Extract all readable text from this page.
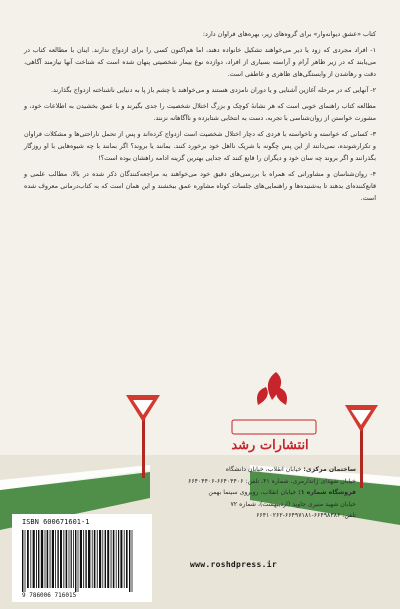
کتاب «عشق دیوانه‌وار» برای گروه‌های زیر، بهره‌های فراوان دارد:

۱- افراد مجردی که زود یا دیر می‌خواهند تشکیل خانواده دهند، اما هم‌اکنون کسی را برای ازدواج ندارند. اینان با مطالعه کتاب در می‌یابند که در زیر ظاهر آرام و آراسته بسیاری از افراد، دوازده نوع بیمار شخصیتی پنهان شده است که شناخت آنها نیازمند آگاهی، دقت و رهاشدن از وابستگی‌های ظاهری و عاطفی است.

۲- آنهایی که در مرحله آغازین آشنایی و یا دوران نامزدی هستند و می‌خواهند با چشم باز پا به دنیایی ناشناخته ازدواج بگذارند.

مطالعه کتاب راهنمای خوبی است که هر نشانهٔ کوچک و بزرگ اختلال شخصیت را جدی بگیرند و با عمق بخشیدن به اطلاعات خود، و مشورت خواستن از روان‌شناسی با تجربه، دست به انتخابی شتابزده و ناآگاهانه نزنند.

۳- کسانی که خواسته و ناخواسته با فردی که دچار اختلال شخصیت است ازدواج کرده‌اند و پس از تحمل ناراحتی‌ها و مشکلات فراوان و تکرارشونده، نمی‌دانند از این پس چگونه با شریک نااهل خود برخورد کنند. بمانند یا بروند؟ اگر بمانند با چه شیوه‌هایی با او روزگار بگذرانند و اگر بروند چه سان خود و دیگران را قانع کنند که جدایی بهترین گزینه ادامه راهشان بوده است؟!

۴- روان‌شناسان و مشاورانی که همراه با بررسی‌های دقیق خود می‌خواهند به مراجعه‌کنندگان ذکر شده در بالا، مطالب علمی و قانع‌کننده‌ای بدهند تا به‌شنیده‌ها و راهنمایی‌های جلسات کوتاه مشاوره عمق ببخشند و این همان است که به کتاب‌درمانی معروف شده است.

انتشارات رشد
ساختمان مرکزی: خیابان انقلاب، خیابان دانشگاه
خیابان شهدای ژاندارمری، شماره ۴۱، تلفن: ۶۶۴۰۴۴۰۶-۶۶۴۰۴۴۰۶
فروشگاه شماره ۱: خیابان انقلاب، روبروی سینما بهمن
خیابان شهید منیری جاوید (اردیبهشت)، شماره ۷۲
تلفن: ۶۶۴۹۸۳۸۶-۶۶۴۹۷۱۸۱-۶۶۴۱۰۲۶۲
www.roshdpress.ir
ISBN 600671601-1
9 786006 716015
